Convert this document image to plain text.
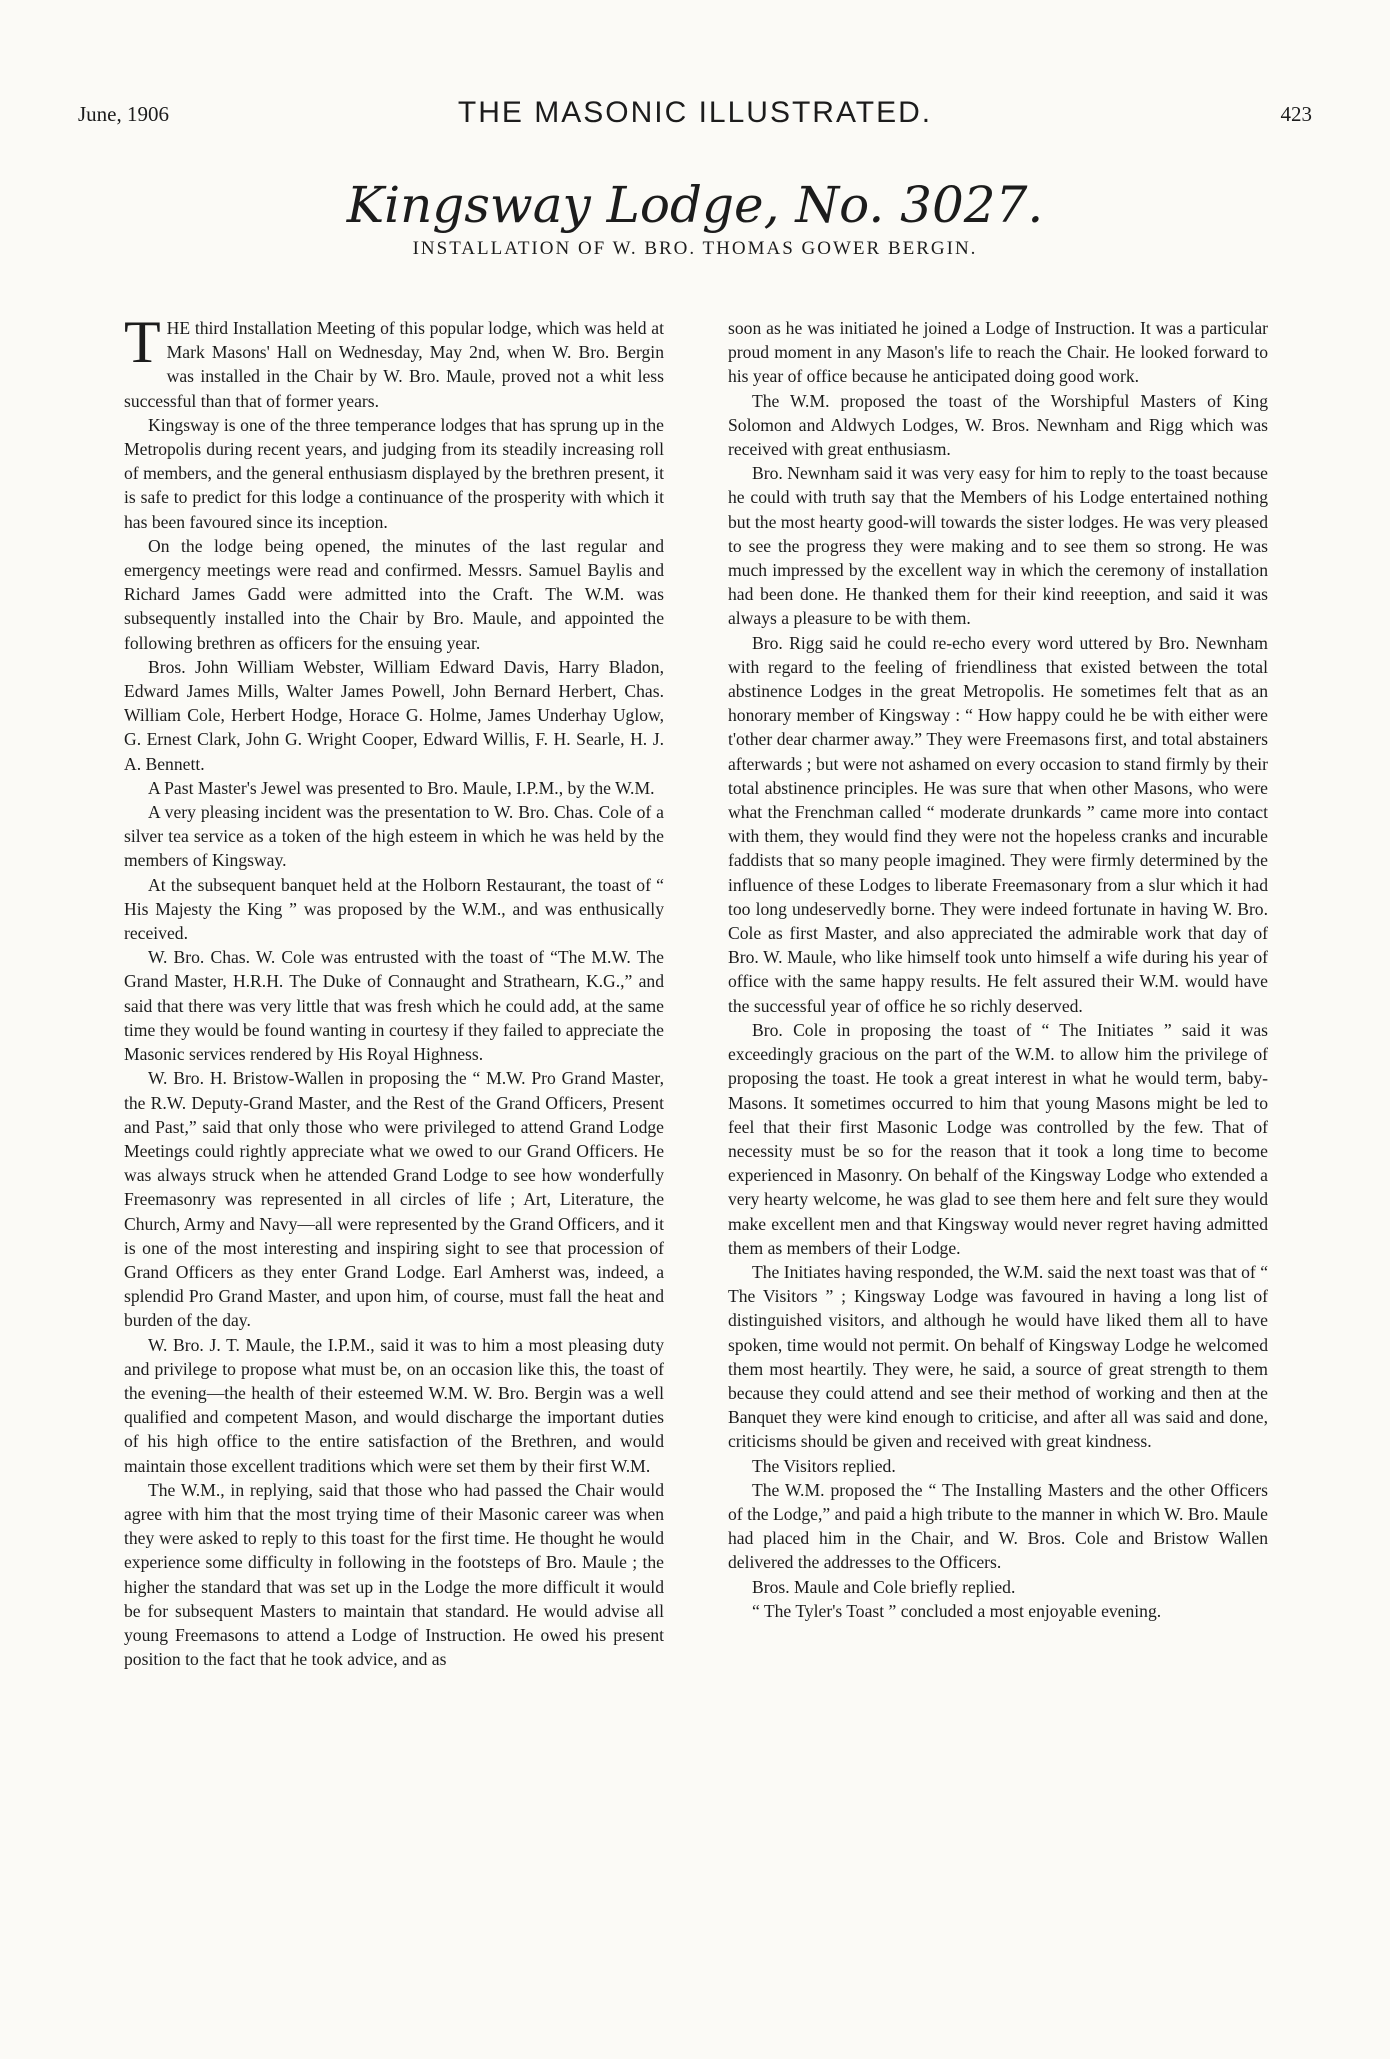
June, 1906	THE MASONIC ILLUSTRATED.	423
Kingsway Lodge, No. 3027.
INSTALLATION OF W. BRO. THOMAS GOWER BERGIN.

THE third Installation Meeting of this popular lodge, which was held at Mark Masons' Hall on Wednesday, May 2nd, when W. Bro. Bergin was installed in the Chair by W. Bro. Maule, proved not a whit less successful than that of former years.

Kingsway is one of the three temperance lodges that has sprung up in the Metropolis during recent years, and judging from its steadily increasing roll of members, and the general enthusiasm displayed by the brethren present, it is safe to predict for this lodge a continuance of the prosperity with which it has been favoured since its inception.

On the lodge being opened, the minutes of the last regular and emergency meetings were read and confirmed. Messrs. Samuel Baylis and Richard James Gadd were admitted into the Craft. The W.M. was subsequently installed into the Chair by Bro. Maule, and appointed the following brethren as officers for the ensuing year.

Bros. John William Webster, William Edward Davis, Harry Bladon, Edward James Mills, Walter James Powell, John Bernard Herbert, Chas. William Cole, Herbert Hodge, Horace G. Holme, James Underhay Uglow, G. Ernest Clark, John G. Wright Cooper, Edward Willis, F. H. Searle, H. J. A. Bennett.

A Past Master's Jewel was presented to Bro. Maule, I.P.M., by the W.M.

A very pleasing incident was the presentation to W. Bro. Chas. Cole of a silver tea service as a token of the high esteem in which he was held by the members of Kingsway.

At the subsequent banquet held at the Holborn Restaurant, the toast of “ His Majesty the King ” was proposed by the W.M., and was enthusically received.

W. Bro. Chas. W. Cole was entrusted with the toast of “The M.W. The Grand Master, H.R.H. The Duke of Connaught and Strathearn, K.G.,” and said that there was very little that was fresh which he could add, at the same time they would be found wanting in courtesy if they failed to appreciate the Masonic services rendered by His Royal Highness.

W. Bro. H. Bristow-Wallen in proposing the “ M.W. Pro Grand Master, the R.W. Deputy-Grand Master, and the Rest of the Grand Officers, Present and Past,” said that only those who were privileged to attend Grand Lodge Meetings could rightly appreciate what we owed to our Grand Officers. He was always struck when he attended Grand Lodge to see how wonderfully Freemasonry was represented in all circles of life ; Art, Literature, the Church, Army and Navy—all were represented by the Grand Officers, and it is one of the most interesting and inspiring sight to see that procession of Grand Officers as they enter Grand Lodge. Earl Amherst was, indeed, a splendid Pro Grand Master, and upon him, of course, must fall the heat and burden of the day.

W. Bro. J. T. Maule, the I.P.M., said it was to him a most pleasing duty and privilege to propose what must be, on an occasion like this, the toast of the evening—the health of their esteemed W.M. W. Bro. Bergin was a well qualified and competent Mason, and would discharge the important duties of his high office to the entire satisfaction of the Brethren, and would maintain those excellent traditions which were set them by their first W.M.

The W.M., in replying, said that those who had passed the Chair would agree with him that the most trying time of their Masonic career was when they were asked to reply to this toast for the first time. He thought he would experience some difficulty in following in the footsteps of Bro. Maule ; the higher the standard that was set up in the Lodge the more difficult it would be for subsequent Masters to maintain that standard. He would advise all young Freemasons to attend a Lodge of Instruction. He owed his present position to the fact that he took advice, and as

soon as he was initiated he joined a Lodge of Instruction. It was a particular proud moment in any Mason's life to reach the Chair. He looked forward to his year of office because he anticipated doing good work.

The W.M. proposed the toast of the Worshipful Masters of King Solomon and Aldwych Lodges, W. Bros. Newnham and Rigg which was received with great enthusiasm.

Bro. Newnham said it was very easy for him to reply to the toast because he could with truth say that the Members of his Lodge entertained nothing but the most hearty good-will towards the sister lodges. He was very pleased to see the progress they were making and to see them so strong. He was much impressed by the excellent way in which the ceremony of installation had been done. He thanked them for their kind reeeption, and said it was always a pleasure to be with them.

Bro. Rigg said he could re-echo every word uttered by Bro. Newnham with regard to the feeling of friendliness that existed between the total abstinence Lodges in the great Metropolis. He sometimes felt that as an honorary member of Kingsway : “ How happy could he be with either were t'other dear charmer away.” They were Freemasons first, and total abstainers afterwards ; but were not ashamed on every occasion to stand firmly by their total abstinence principles. He was sure that when other Masons, who were what the Frenchman called “ moderate drunkards ” came more into contact with them, they would find they were not the hopeless cranks and incurable faddists that so many people imagined. They were firmly determined by the influence of these Lodges to liberate Freemasonary from a slur which it had too long undeservedly borne. They were indeed fortunate in having W. Bro. Cole as first Master, and also appreciated the admirable work that day of Bro. W. Maule, who like himself took unto himself a wife during his year of office with the same happy results. He felt assured their W.M. would have the successful year of office he so richly deserved.

Bro. Cole in proposing the toast of “ The Initiates ” said it was exceedingly gracious on the part of the W.M. to allow him the privilege of proposing the toast. He took a great interest in what he would term, baby-Masons. It sometimes occurred to him that young Masons might be led to feel that their first Masonic Lodge was controlled by the few. That of necessity must be so for the reason that it took a long time to become experienced in Masonry. On behalf of the Kingsway Lodge who extended a very hearty welcome, he was glad to see them here and felt sure they would make excellent men and that Kingsway would never regret having admitted them as members of their Lodge.

The Initiates having responded, the W.M. said the next toast was that of “ The Visitors ” ; Kingsway Lodge was favoured in having a long list of distinguished visitors, and although he would have liked them all to have spoken, time would not permit. On behalf of Kingsway Lodge he welcomed them most heartily. They were, he said, a source of great strength to them because they could attend and see their method of working and then at the Banquet they were kind enough to criticise, and after all was said and done, criticisms should be given and received with great kindness.

The Visitors replied.

The W.M. proposed the “ The Installing Masters and the other Officers of the Lodge,” and paid a high tribute to the manner in which W. Bro. Maule had placed him in the Chair, and W. Bros. Cole and Bristow Wallen delivered the addresses to the Officers.

Bros. Maule and Cole briefly replied.

“ The Tyler's Toast ” concluded a most enjoyable evening.
